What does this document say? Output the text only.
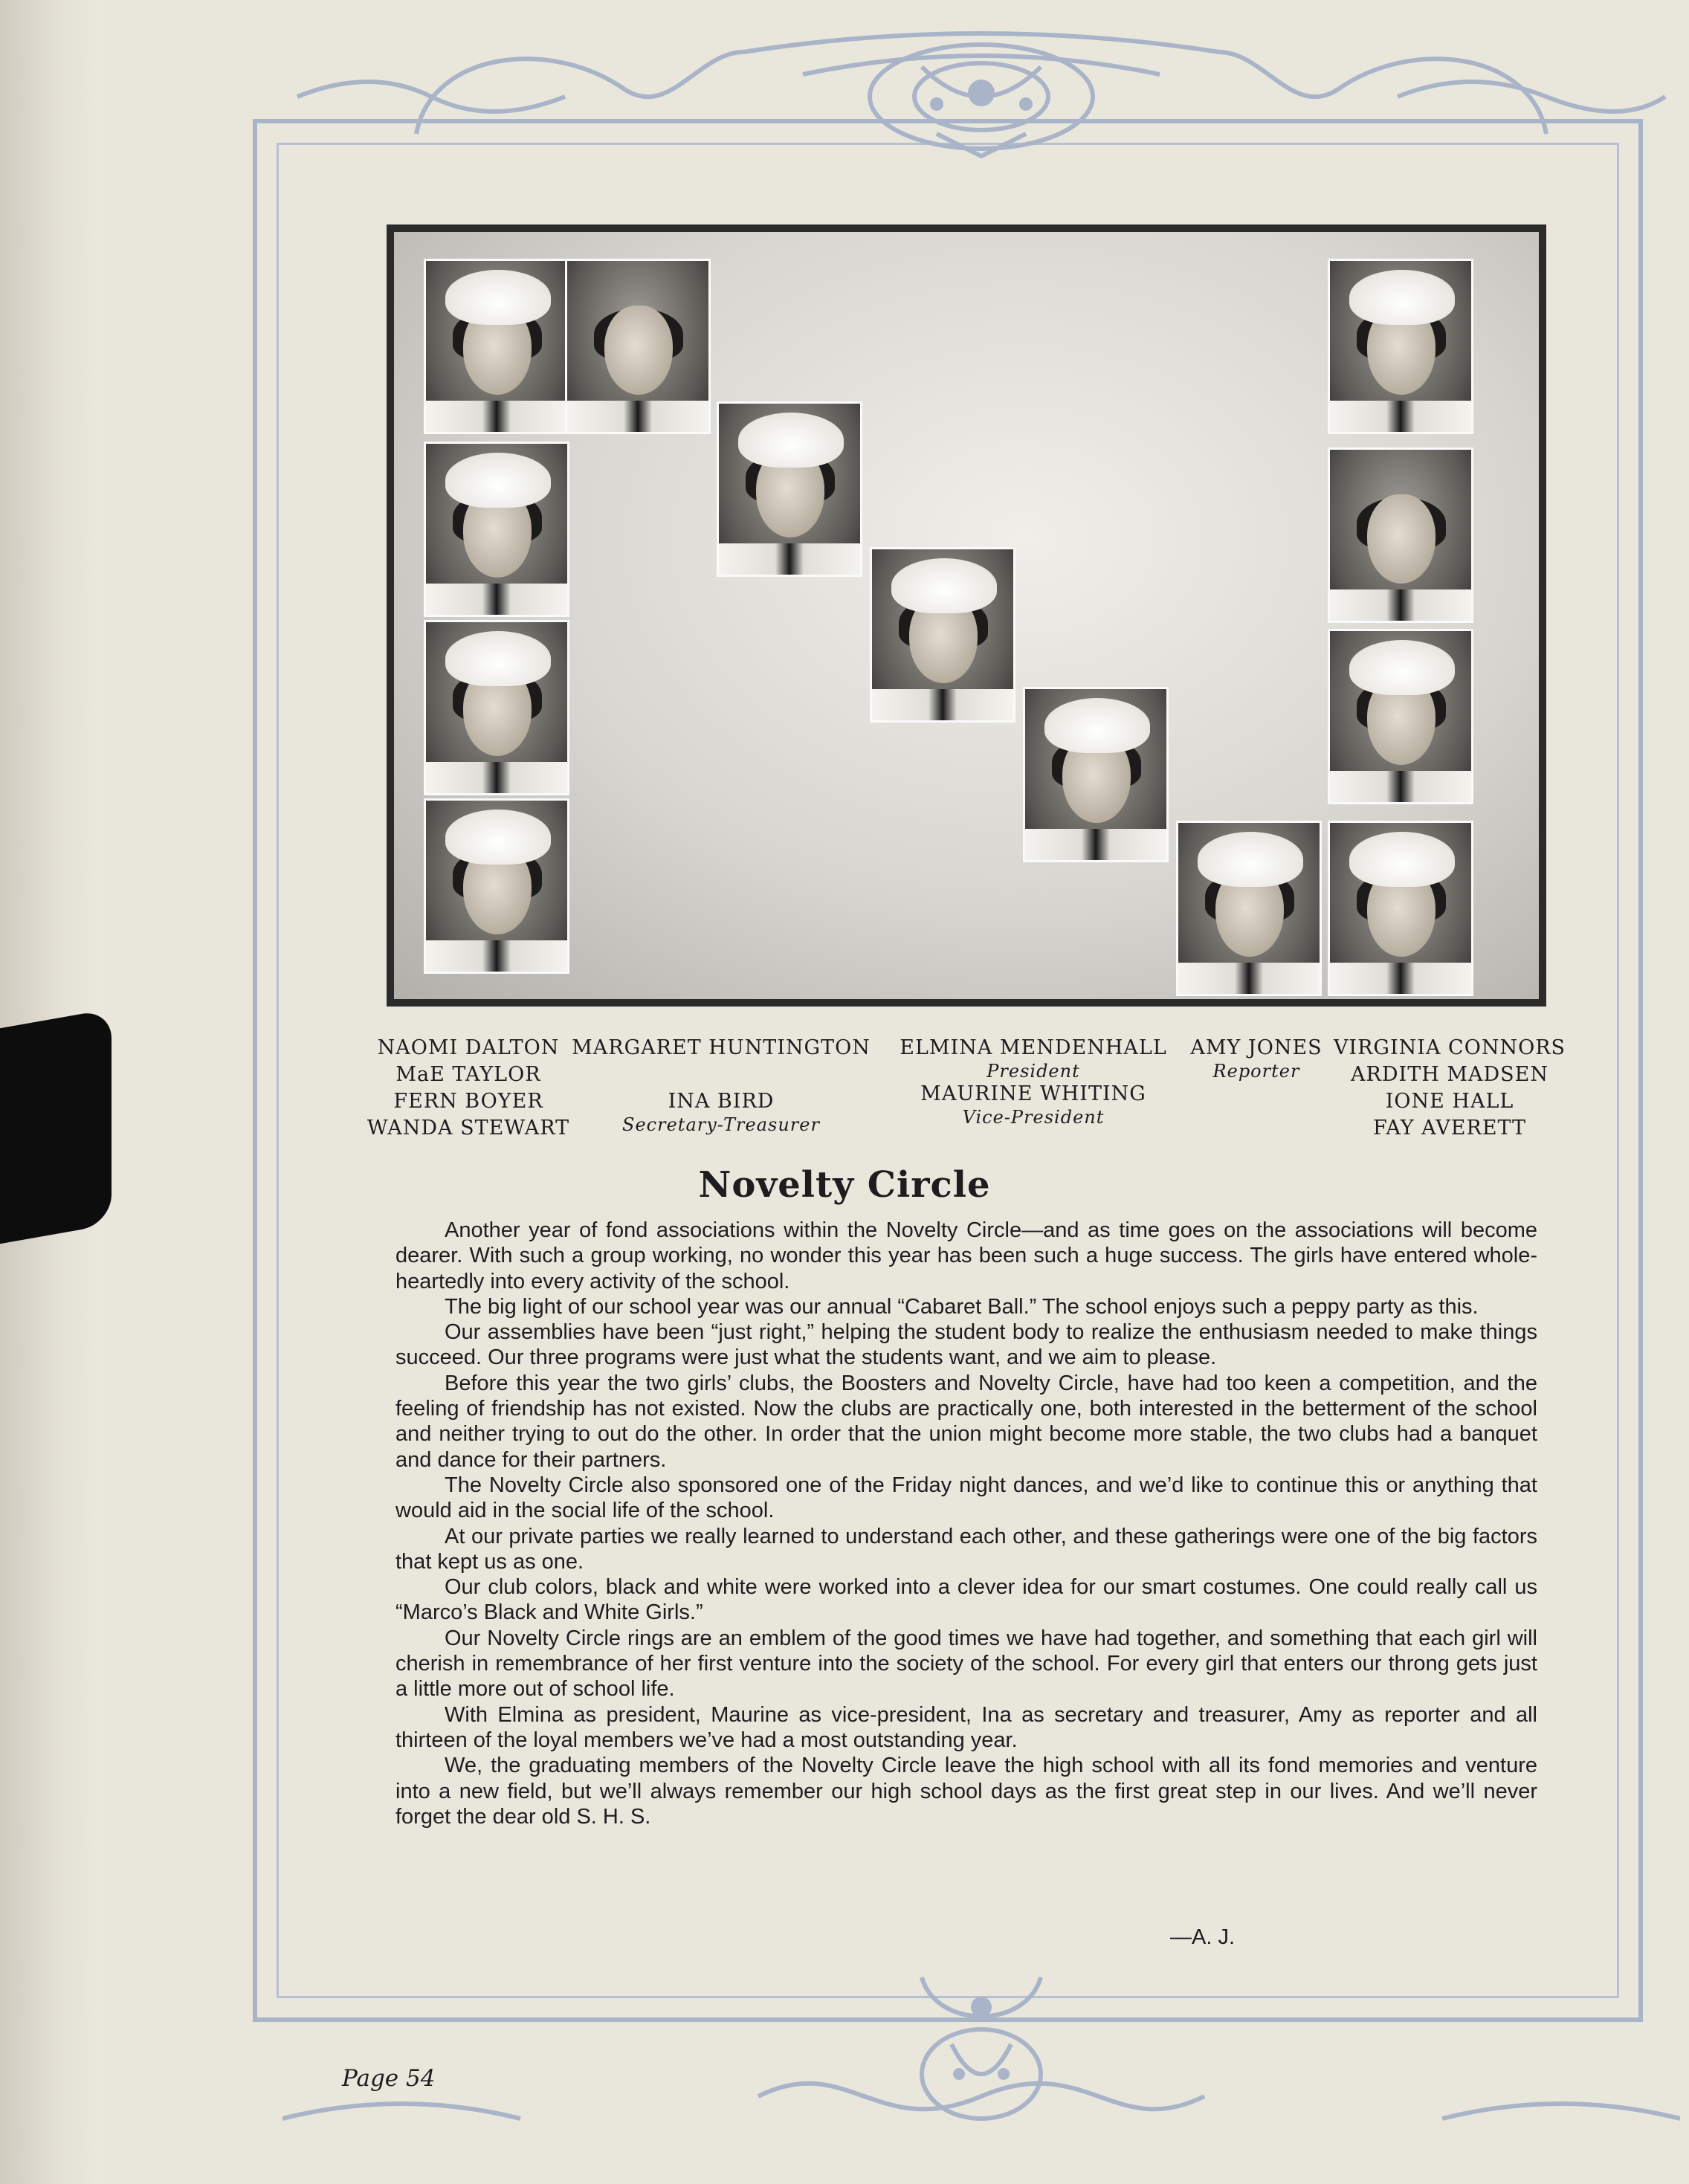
NAOMI DALTON
MaE TAYLOR
FERN BOYER
WANDA STEWART
MARGARET HUNTINGTON
INA BIRD
Secretary-Treasurer
ELMINA MENDENHALL
President
MAURINE WHITING
Vice-President
AMY JONES
Reporter
VIRGINIA CONNORS
ARDITH MADSEN
IONE HALL
FAY AVERETT
Novelty Circle

Another year of fond associations within the Novelty Circle—and as time goes on the associations will become dearer. With such a group working, no wonder this year has been such a huge success. The girls have entered whole-heartedly into every activity of the school.

The big light of our school year was our annual “Cabaret Ball.” The school enjoys such a peppy party as this.

Our assemblies have been “just right,” helping the student body to realize the enthusiasm needed to make things succeed. Our three programs were just what the students want, and we aim to please.

Before this year the two girls’ clubs, the Boosters and Novelty Circle, have had too keen a competition, and the feeling of friendship has not existed. Now the clubs are practically one, both interested in the betterment of the school and neither trying to out do the other. In order that the union might become more stable, the two clubs had a banquet and dance for their partners.

The Novelty Circle also sponsored one of the Friday night dances, and we’d like to continue this or anything that would aid in the social life of the school.

At our private parties we really learned to understand each other, and these gatherings were one of the big factors that kept us as one.

Our club colors, black and white were worked into a clever idea for our smart costumes. One could really call us “Marco’s Black and White Girls.”

Our Novelty Circle rings are an emblem of the good times we have had together, and something that each girl will cherish in remembrance of her first venture into the society of the school. For every girl that enters our throng gets just a little more out of school life.

With Elmina as president, Maurine as vice-president, Ina as secretary and treasurer, Amy as reporter and all thirteen of the loyal members we’ve had a most outstanding year.

We, the graduating members of the Novelty Circle leave the high school with all its fond memories and venture into a new field, but we’ll always remember our high school days as the first great step in our lives. And we’ll never forget the dear old S. H. S.

—A. J.
Page 54
